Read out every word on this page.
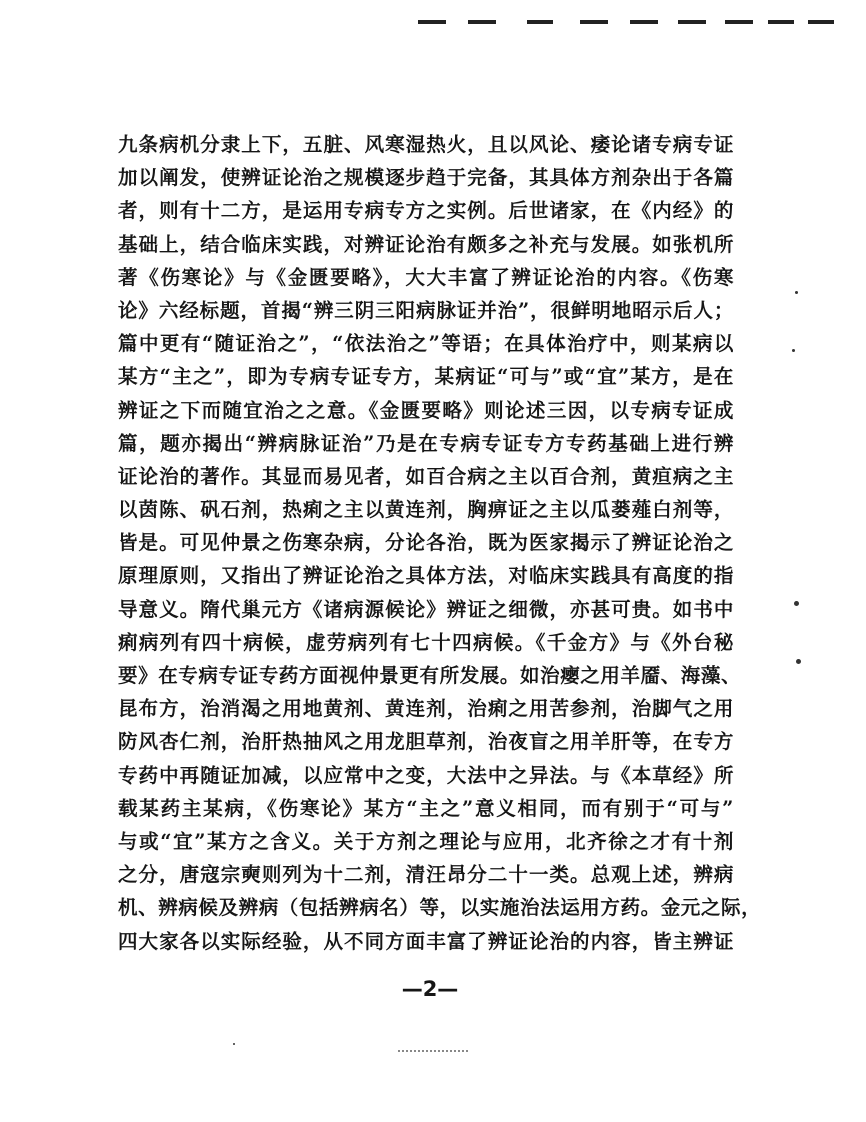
九条病机分隶上下，五脏、风寒湿热火，且以风论、痿论诸专病专证
加以阐发，使辨证论治之规模逐步趋于完备，其具体方剂杂出于各篇
者，则有十二方，是运用专病专方之实例。后世诸家，在《内经》的
基础上，结合临床实践，对辨证论治有颇多之补充与发展。如张机所
著《伤寒论》与《金匮要略》，大大丰富了辨证论治的内容。《伤寒
论》六经标题，首揭“辨三阴三阳病脉证并治”，很鲜明地昭示后人；
篇中更有“随证治之”，“依法治之”等语；在具体治疗中，则某病以
某方“主之”，即为专病专证专方，某病证“可与”或“宜”某方，是在
辨证之下而随宜治之之意。《金匮要略》则论述三因，以专病专证成
篇，题亦揭出“辨病脉证治”乃是在专病专证专方专药基础上进行辨
证论治的著作。其显而易见者，如百合病之主以百合剂，黄疸病之主
以茵陈、矾石剂，热痢之主以黄连剂，胸痹证之主以瓜蒌薤白剂等，
皆是。可见仲景之伤寒杂病，分论各治，既为医家揭示了辨证论治之
原理原则，又指出了辨证论治之具体方法，对临床实践具有高度的指
导意义。隋代巢元方《诸病源候论》辨证之细微，亦甚可贵。如书中
痢病列有四十病候，虚劳病列有七十四病候。《千金方》与《外台秘
要》在专病专证专药方面视仲景更有所发展。如治瘿之用羊靥、海藻、
昆布方，治消渴之用地黄剂、黄连剂，治痢之用苦参剂，治脚气之用
防风杏仁剂，治肝热抽风之用龙胆草剂，治夜盲之用羊肝等，在专方
专药中再随证加减，以应常中之变，大法中之异法。与《本草经》所
载某药主某病，《伤寒论》某方“主之”意义相同，而有别于“可与”
与或“宜”某方之含义。关于方剂之理论与应用，北齐徐之才有十剂
之分，唐寇宗奭则列为十二剂，清汪昂分二十一类。总观上述，辨病
机、辨病候及辨病（包括辨病名）等，以实施治法运用方药。金元之际，
四大家各以实际经验，从不同方面丰富了辨证论治的内容，皆主辨证
—2—
